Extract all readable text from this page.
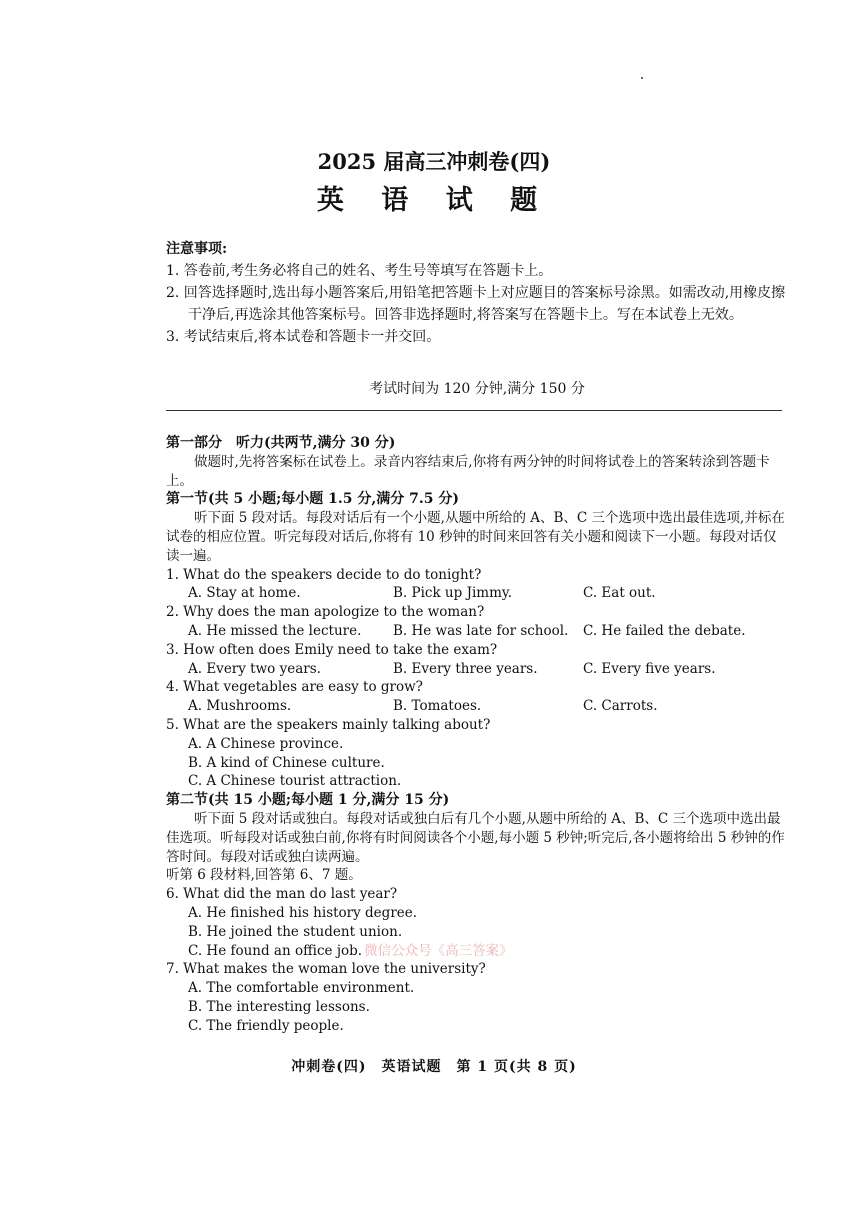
2025 届高三冲刺卷(四)
英 语 试 题
注意事项:
1. 答卷前,考生务必将自己的姓名、考生号等填写在答题卡上。
2. 回答选择题时,选出每小题答案后,用铅笔把答题卡上对应题目的答案标号涂黑。如需改动,用橡皮擦干净后,再选涂其他答案标号。回答非选择题时,将答案写在答题卡上。写在本试卷上无效。
3. 考试结束后,将本试卷和答题卡一并交回。
考试时间为 120 分钟,满分 150 分
第一部分　听力(共两节,满分 30 分)
做题时,先将答案标在试卷上。录音内容结束后,你将有两分钟的时间将试卷上的答案转涂到答题卡上。
第一节(共 5 小题;每小题 1.5 分,满分 7.5 分)
听下面 5 段对话。每段对话后有一个小题,从题中所给的 A、B、C 三个选项中选出最佳选项,并标在试卷的相应位置。听完每段对话后,你将有 10 秒钟的时间来回答有关小题和阅读下一小题。每段对话仅读一遍。
1. What do the speakers decide to do tonight?
A. Stay at home.	B. Pick up Jimmy.	C. Eat out.
2. Why does the man apologize to the woman?
A. He missed the lecture.	B. He was late for school.	C. He failed the debate.
3. How often does Emily need to take the exam?
A. Every two years.	B. Every three years.	C. Every five years.
4. What vegetables are easy to grow?
A. Mushrooms.	B. Tomatoes.	C. Carrots.
5. What are the speakers mainly talking about?
A. A Chinese province.
B. A kind of Chinese culture.
C. A Chinese tourist attraction.
第二节(共 15 小题;每小题 1 分,满分 15 分)
听下面 5 段对话或独白。每段对话或独白后有几个小题,从题中所给的 A、B、C 三个选项中选出最佳选项。听每段对话或独白前,你将有时间阅读各个小题,每小题 5 秒钟;听完后,各小题将给出 5 秒钟的作答时间。每段对话或独白读两遍。
听第 6 段材料,回答第 6、7 题。
6. What did the man do last year?
A. He finished his history degree.
B. He joined the student union.
C. He found an office job. 微信公众号《高三答案》
7. What makes the woman love the university?
A. The comfortable environment.
B. The interesting lessons.
C. The friendly people.
冲刺卷(四)　英语试题　第 1 页(共 8 页)
